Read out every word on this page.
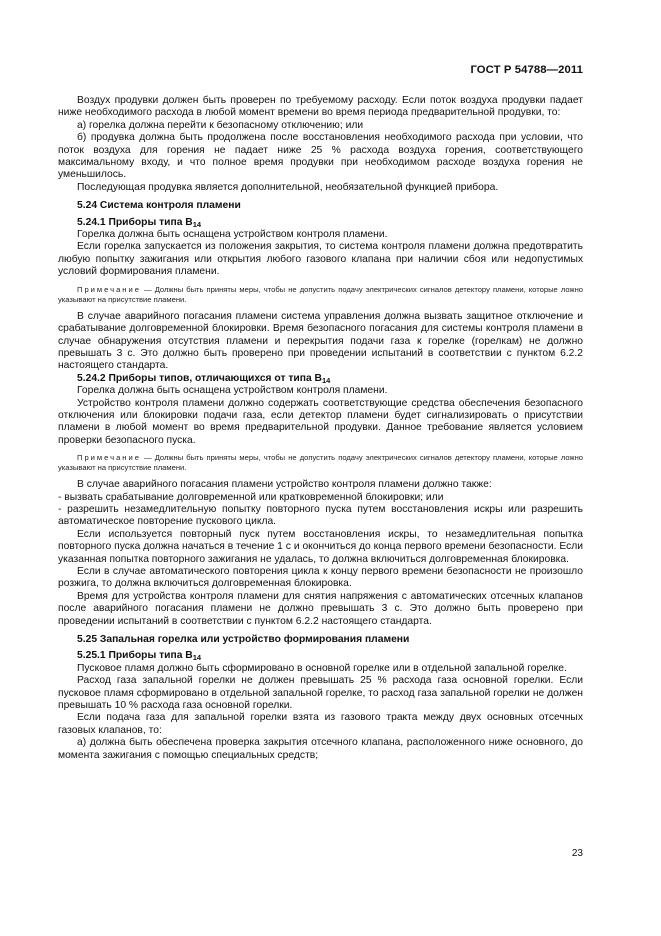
ГОСТ Р 54788—2011

Воздух продувки должен быть проверен по требуемому расходу. Если поток воздуха продувки падает ниже необходимого расхода в любой момент времени во время периода предварительной продувки, то:

а) горелка должна перейти к безопасному отключению; или

б) продувка должна быть продолжена после восстановления необходимого расхода при условии, что поток воздуха для горения не падает ниже 25 % расхода воздуха горения, соответствующего максимальному входу, и что полное время продувки при необходимом расходе воздуха горения не уменьшилось.

Последующая продувка является дополнительной, необязательной функцией прибора.

5.24 Система контроля пламени
5.24.1 Приборы типа $B_{14}$

Горелка должна быть оснащена устройством контроля пламени.

Если горелка запускается из положения закрытия, то система контроля пламени должна предотвратить любую попытку зажигания или открытия любого газового клапана при наличии сбоя или недопустимых условий формирования пламени.

Примечание — Должны быть приняты меры, чтобы не допустить подачу электрических сигналов детектору пламени, которые ложно указывают на присутствие пламени.

В случае аварийного погасания пламени система управления должна вызвать защитное отключение и срабатывание долговременной блокировки. Время безопасного погасания для системы контроля пламени в случае обнаружения отсутствия пламени и перекрытия подачи газа к горелке (горелкам) не должно превышать 3 с. Это должно быть проверено при проведении испытаний в соответствии с пунктом 6.2.2 настоящего стандарта.

5.24.2 Приборы типов, отличающихся от типа $B_{14}$

Горелка должна быть оснащена устройством контроля пламени.

Устройство контроля пламени должно содержать соответствующие средства обеспечения безопасного отключения или блокировки подачи газа, если детектор пламени будет сигнализировать о присутствии пламени в любой момент во время предварительной продувки. Данное требование является условием проверки безопасного пуска.

Примечание — Должны быть приняты меры, чтобы не допустить подачу электрических сигналов детектору пламени, которые ложно указывают на присутствие пламени.

В случае аварийного погасания пламени устройство контроля пламени должно также:

- вызвать срабатывание долговременной или кратковременной блокировки; или

- разрешить незамедлительную попытку повторного пуска путем восстановления искры или разрешить автоматическое повторение пускового цикла.

Если используется повторный пуск путем восстановления искры, то незамедлительная попытка повторного пуска должна начаться в течение 1 с и окончиться до конца первого времени безопасности. Если указанная попытка повторного зажигания не удалась, то должна включиться долговременная блокировка.

Если в случае автоматического повторения цикла к концу первого времени безопасности не произошло розжига, то должна включиться долговременная блокировка.

Время для устройства контроля пламени для снятия напряжения с автоматических отсечных клапанов после аварийного погасания пламени не должно превышать 3 с. Это должно быть проверено при проведении испытаний в соответствии с пунктом 6.2.2 настоящего стандарта.

5.25 Запальная горелка или устройство формирования пламени
5.25.1 Приборы типа $B_{14}$

Пусковое пламя должно быть сформировано в основной горелке или в отдельной запальной горелке.

Расход газа запальной горелки не должен превышать 25 % расхода газа основной горелки. Если пусковое пламя сформировано в отдельной запальной горелке, то расход газа запальной горелки не должен превышать 10 % расхода газа основной горелки.

Если подача газа для запальной горелки взята из газового тракта между двух основных отсечных газовых клапанов, то:

а) должна быть обеспечена проверка закрытия отсечного клапана, расположенного ниже основного, до момента зажигания с помощью специальных средств;

23
